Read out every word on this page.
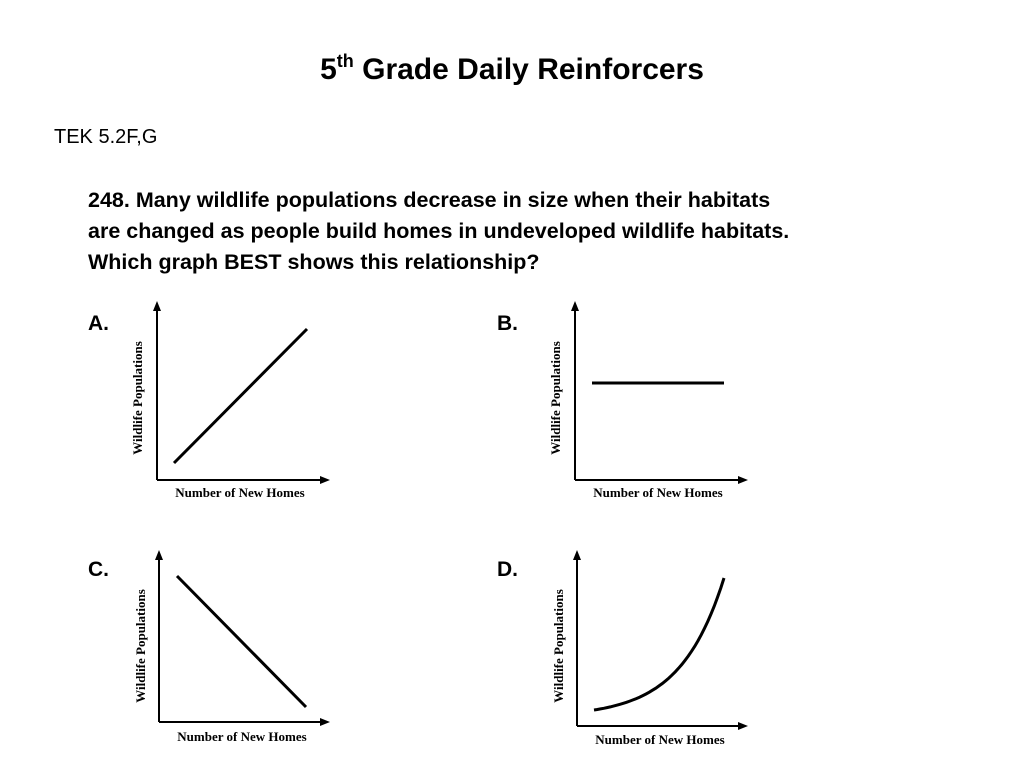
5th Grade Daily Reinforcers
TEK 5.2F,G
248. Many wildlife populations decrease in size when their habitats
are changed as people build homes in undeveloped wildlife habitats.
Which graph BEST shows this relationship?
A.
Number of New Homes
Wildlife Populations
B.
Number of New Homes
Wildlife Populations
C.
Number of New Homes
Wildlife Populations
D.
Number of New Homes
Wildlife Populations
